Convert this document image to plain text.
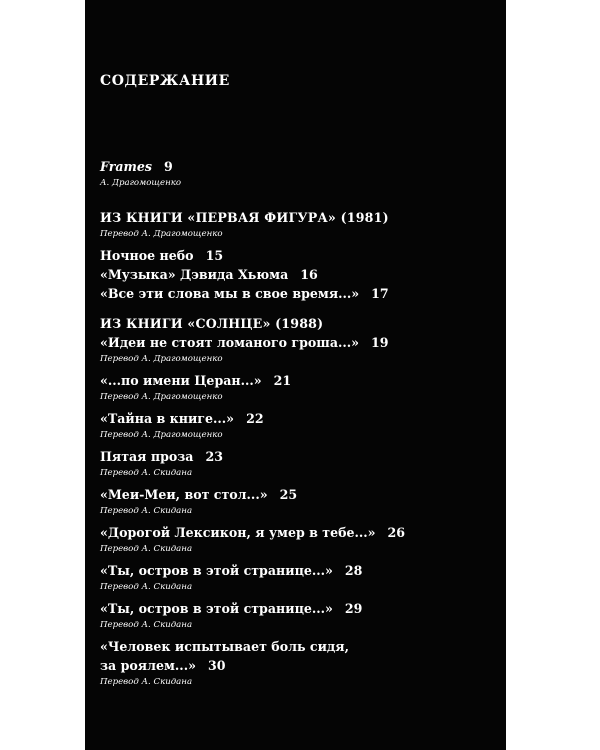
СОДЕРЖАНИЕ
Frames 9
А. Драгомощенко
ИЗ КНИГИ «ПЕРВАЯ ФИГУРА» (1981)
Перевод А. Драгомощенко
Ночное небо 15
«Музыка» Дэвида Хьюма 16
«Все эти слова мы в свое время...» 17
ИЗ КНИГИ «СОЛНЦЕ» (1988)
«Идеи не стоят ломаного гроша...» 19
Перевод А. Драгомощенко
«...по имени Церан...» 21
Перевод А. Драгомощенко
«Тайна в книге...» 22
Перевод А. Драгомощенко
Пятая проза 23
Перевод А. Скидана
«Меи-Меи, вот стол...» 25
Перевод А. Скидана
«Дорогой Лексикон, я умер в тебе...» 26
Перевод А. Скидана
«Ты, остров в этой странице...» 28
Перевод А. Скидана
«Ты, остров в этой странице...» 29
Перевод А. Скидана
«Человек испытывает боль сидя, за роялем...» 30
Перевод А. Скидана
